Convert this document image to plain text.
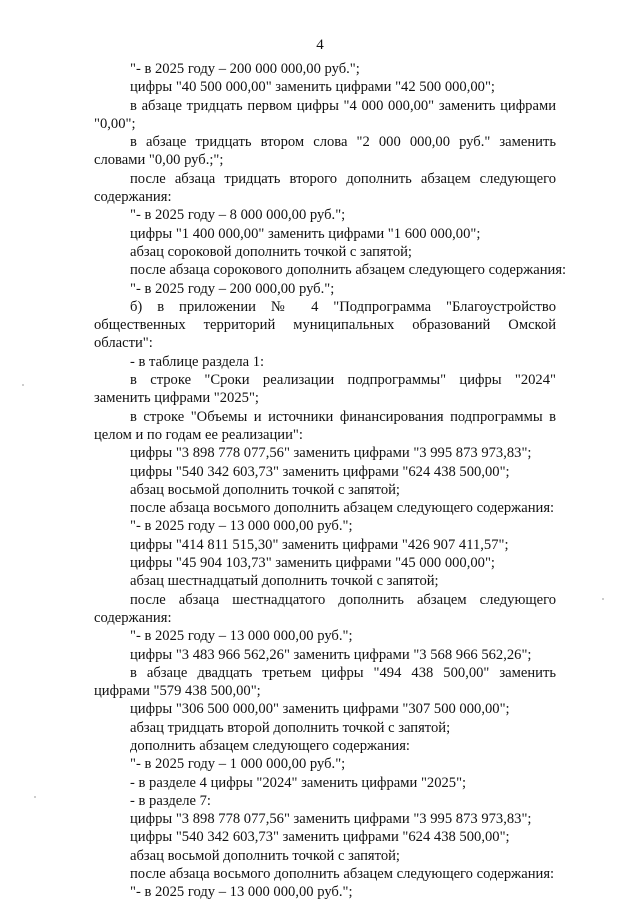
4

"- в 2025 году – 200 000 000,00 руб.";

цифры "40 500 000,00" заменить цифрами "42 500 000,00";

в абзаце тридцать первом цифры "4 000 000,00" заменить цифрами "0,00";

в абзаце тридцать втором слова "2 000 000,00 руб." заменить словами "0,00 руб.;";

после абзаца тридцать второго дополнить абзацем следующего содержания:

"- в 2025 году – 8 000 000,00 руб.";

цифры "1 400 000,00" заменить цифрами "1 600 000,00";

абзац сороковой дополнить точкой с запятой;

после абзаца сорокового дополнить абзацем следующего содержания:

"- в 2025 году – 200 000,00 руб.";

б) в приложении № 4 "Подпрограмма "Благоустройство общественных территорий муниципальных образований Омской области":

- в таблице раздела 1:

в строке "Сроки реализации подпрограммы" цифры "2024" заменить цифрами "2025";

в строке "Объемы и источники финансирования подпрограммы в целом и по годам ее реализации":

цифры "3 898 778 077,56" заменить цифрами "3 995 873 973,83";

цифры "540 342 603,73" заменить цифрами "624 438 500,00";

абзац восьмой дополнить точкой с запятой;

после абзаца восьмого дополнить абзацем следующего содержания:

"- в 2025 году – 13 000 000,00 руб.";

цифры "414 811 515,30" заменить цифрами "426 907 411,57";

цифры "45 904 103,73" заменить цифрами "45 000 000,00";

абзац шестнадцатый дополнить точкой с запятой;

после абзаца шестнадцатого дополнить абзацем следующего содержания:

"- в 2025 году – 13 000 000,00 руб.";

цифры "3 483 966 562,26" заменить цифрами "3 568 966 562,26";

в абзаце двадцать третьем цифры "494 438 500,00" заменить цифрами "579 438 500,00";

цифры "306 500 000,00" заменить цифрами "307 500 000,00";

абзац тридцать второй дополнить точкой с запятой;

дополнить абзацем следующего содержания:

"- в 2025 году – 1 000 000,00 руб.";

- в разделе 4 цифры "2024" заменить цифрами "2025";

- в разделе 7:

цифры "3 898 778 077,56" заменить цифрами "3 995 873 973,83";

цифры "540 342 603,73" заменить цифрами "624 438 500,00";

абзац восьмой дополнить точкой с запятой;

после абзаца восьмого дополнить абзацем следующего содержания:

"- в 2025 году – 13 000 000,00 руб.";
